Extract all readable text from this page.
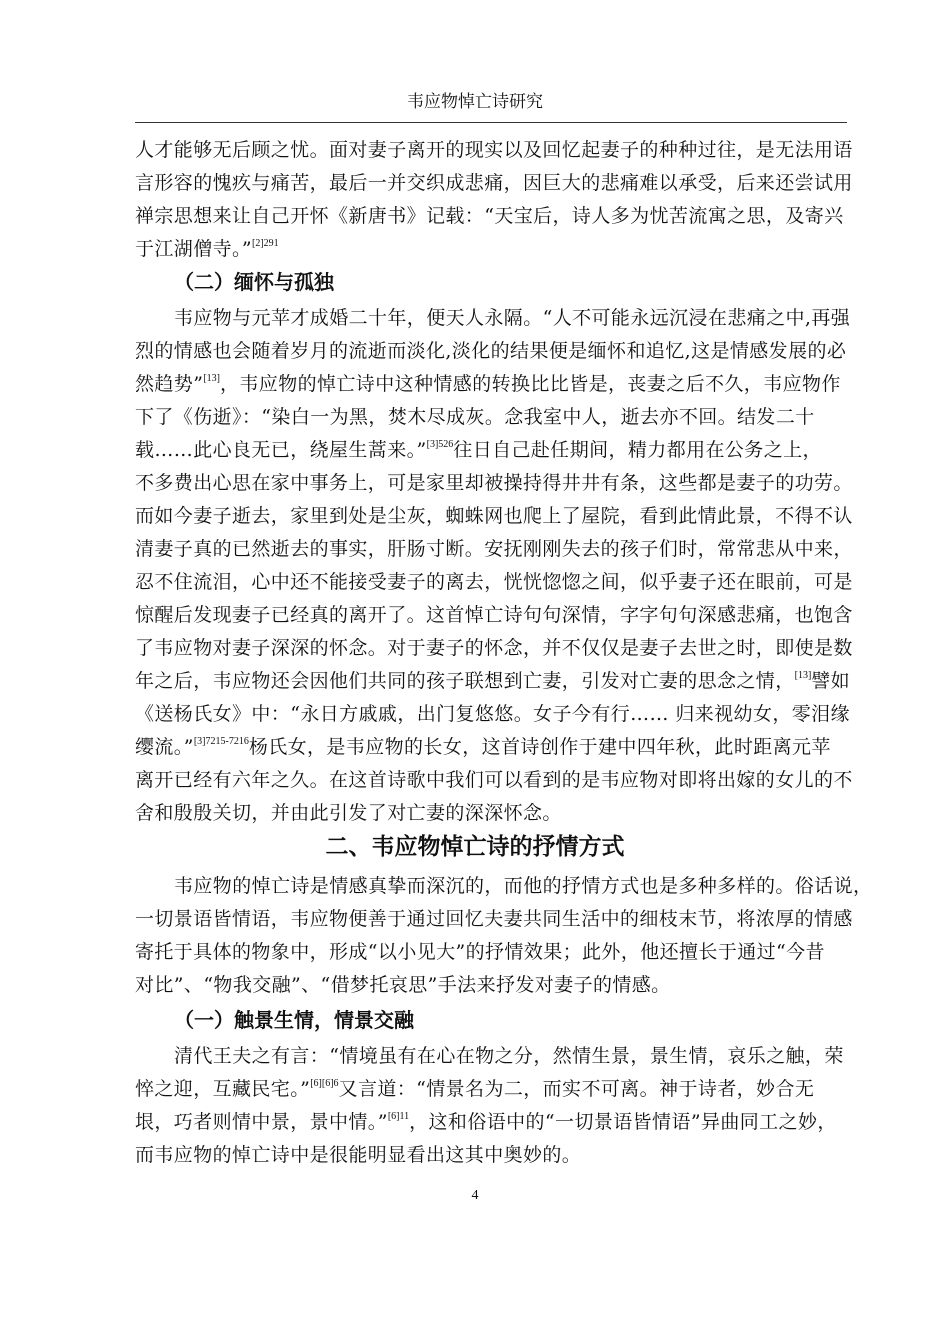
韦应物悼亡诗研究
人才能够无后顾之忧。面对妻子离开的现实以及回忆起妻子的种种过往，是无法用语
言形容的愧疚与痛苦，最后一并交织成悲痛，因巨大的悲痛难以承受，后来还尝试用
禅宗思想来让自己开怀《新唐书》记载：“天宝后，诗人多为忧苦流寓之思，及寄兴
于江湖僧寺。”$^{[2]291}$
（二）缅怀与孤独
韦应物与元苹才成婚二十年，便天人永隔。“人不可能永远沉浸在悲痛之中,再强
烈的情感也会随着岁月的流逝而淡化,淡化的结果便是缅怀和追忆,这是情感发展的必
然趋势”[13]，韦应物的悼亡诗中这种情感的转换比比皆是，丧妻之后不久，韦应物作
下了《伤逝》：“染白一为黑，焚木尽成灰。念我室中人，逝去亦不回。结发二十
载……此心良无已，绕屋生蒿来。”$^{[3]526}$往日自己赴任期间，精力都用在公务之上，
不多费出心思在家中事务上，可是家里却被操持得井井有条，这些都是妻子的功劳。
而如今妻子逝去，家里到处是尘灰，蜘蛛网也爬上了屋院，看到此情此景，不得不认
清妻子真的已然逝去的事实，肝肠寸断。安抚刚刚失去的孩子们时，常常悲从中来，
忍不住流泪，心中还不能接受妻子的离去，恍恍惚惚之间，似乎妻子还在眼前，可是
惊醒后发现妻子已经真的离开了。这首悼亡诗句句深情，字字句句深感悲痛，也饱含
了韦应物对妻子深深的怀念。对于妻子的怀念，并不仅仅是妻子去世之时，即使是数
年之后，韦应物还会因他们共同的孩子联想到亡妻，引发对亡妻的思念之情，[13]譬如
《送杨氏女》中：“永日方戚戚，出门复悠悠。女子今有行…… 归来视幼女，零泪缘
缨流。”$^{[3]7215-7216}$杨氏女，是韦应物的长女，这首诗创作于建中四年秋，此时距离元苹
离开已经有六年之久。在这首诗歌中我们可以看到的是韦应物对即将出嫁的女儿的不
舍和殷殷关切，并由此引发了对亡妻的深深怀念。
二、韦应物悼亡诗的抒情方式
韦应物的悼亡诗是情感真挚而深沉的，而他的抒情方式也是多种多样的。俗话说，
一切景语皆情语，韦应物便善于通过回忆夫妻共同生活中的细枝末节，将浓厚的情感
寄托于具体的物象中，形成“以小见大”的抒情效果；此外，他还擅长于通过“今昔
对比”、“物我交融”、“借梦托哀思”手法来抒发对妻子的情感。
（一）触景生情，情景交融
清代王夫之有言：“情境虽有在心在物之分，然情生景，景生情，哀乐之触，荣
悴之迎，互藏民宅。”$^{[6][6]6}$又言道：“情景名为二，而实不可离。神于诗者，妙合无
垠，巧者则情中景，景中情。”$^{[6]11}$，这和俗语中的“一切景语皆情语”异曲同工之妙，
而韦应物的悼亡诗中是很能明显看出这其中奥妙的。
4
